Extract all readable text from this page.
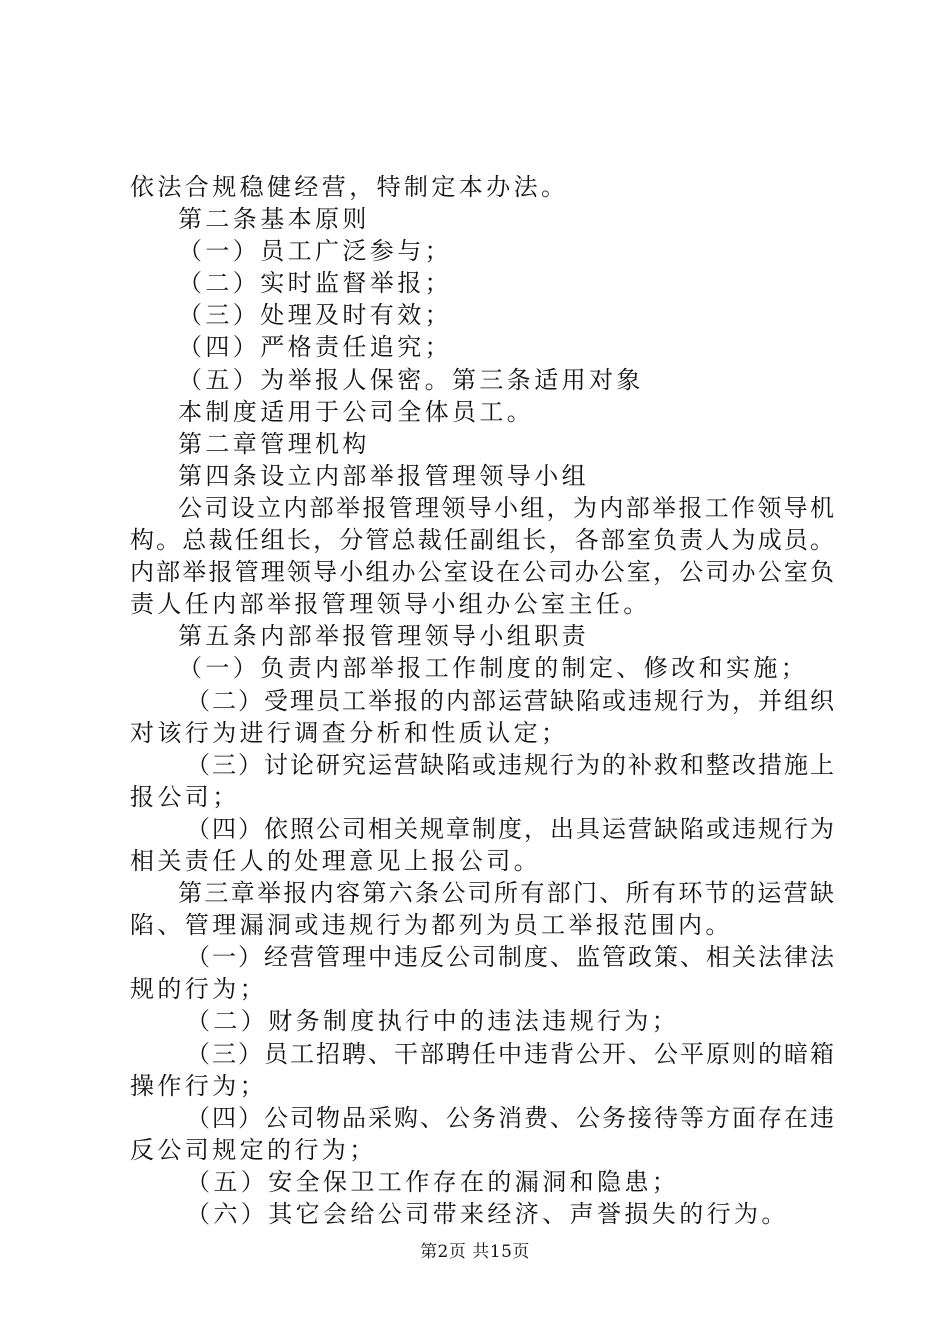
依法合规稳健经营，特制定本办法。
第二条基本原则
（一）员工广泛参与；
（二）实时监督举报；
（三）处理及时有效；
（四）严格责任追究；
（五）为举报人保密。第三条适用对象
本制度适用于公司全体员工。
第二章管理机构
第四条设立内部举报管理领导小组
公司设立内部举报管理领导小组，为内部举报工作领导机
构。总裁任组长，分管总裁任副组长，各部室负责人为成员。
内部举报管理领导小组办公室设在公司办公室，公司办公室负
责人任内部举报管理领导小组办公室主任。
第五条内部举报管理领导小组职责
（一）负责内部举报工作制度的制定、修改和实施；
（二）受理员工举报的内部运营缺陷或违规行为，并组织
对该行为进行调查分析和性质认定；
（三）讨论研究运营缺陷或违规行为的补救和整改措施上
报公司；
（四）依照公司相关规章制度，出具运营缺陷或违规行为
相关责任人的处理意见上报公司。
第三章举报内容第六条公司所有部门、所有环节的运营缺
陷、管理漏洞或违规行为都列为员工举报范围内。
（一）经营管理中违反公司制度、监管政策、相关法律法
规的行为；
（二）财务制度执行中的违法违规行为；
（三）员工招聘、干部聘任中违背公开、公平原则的暗箱
操作行为；
（四）公司物品采购、公务消费、公务接待等方面存在违
反公司规定的行为；
（五）安全保卫工作存在的漏洞和隐患；
（六）其它会给公司带来经济、声誉损失的行为。
第2页 共15页
